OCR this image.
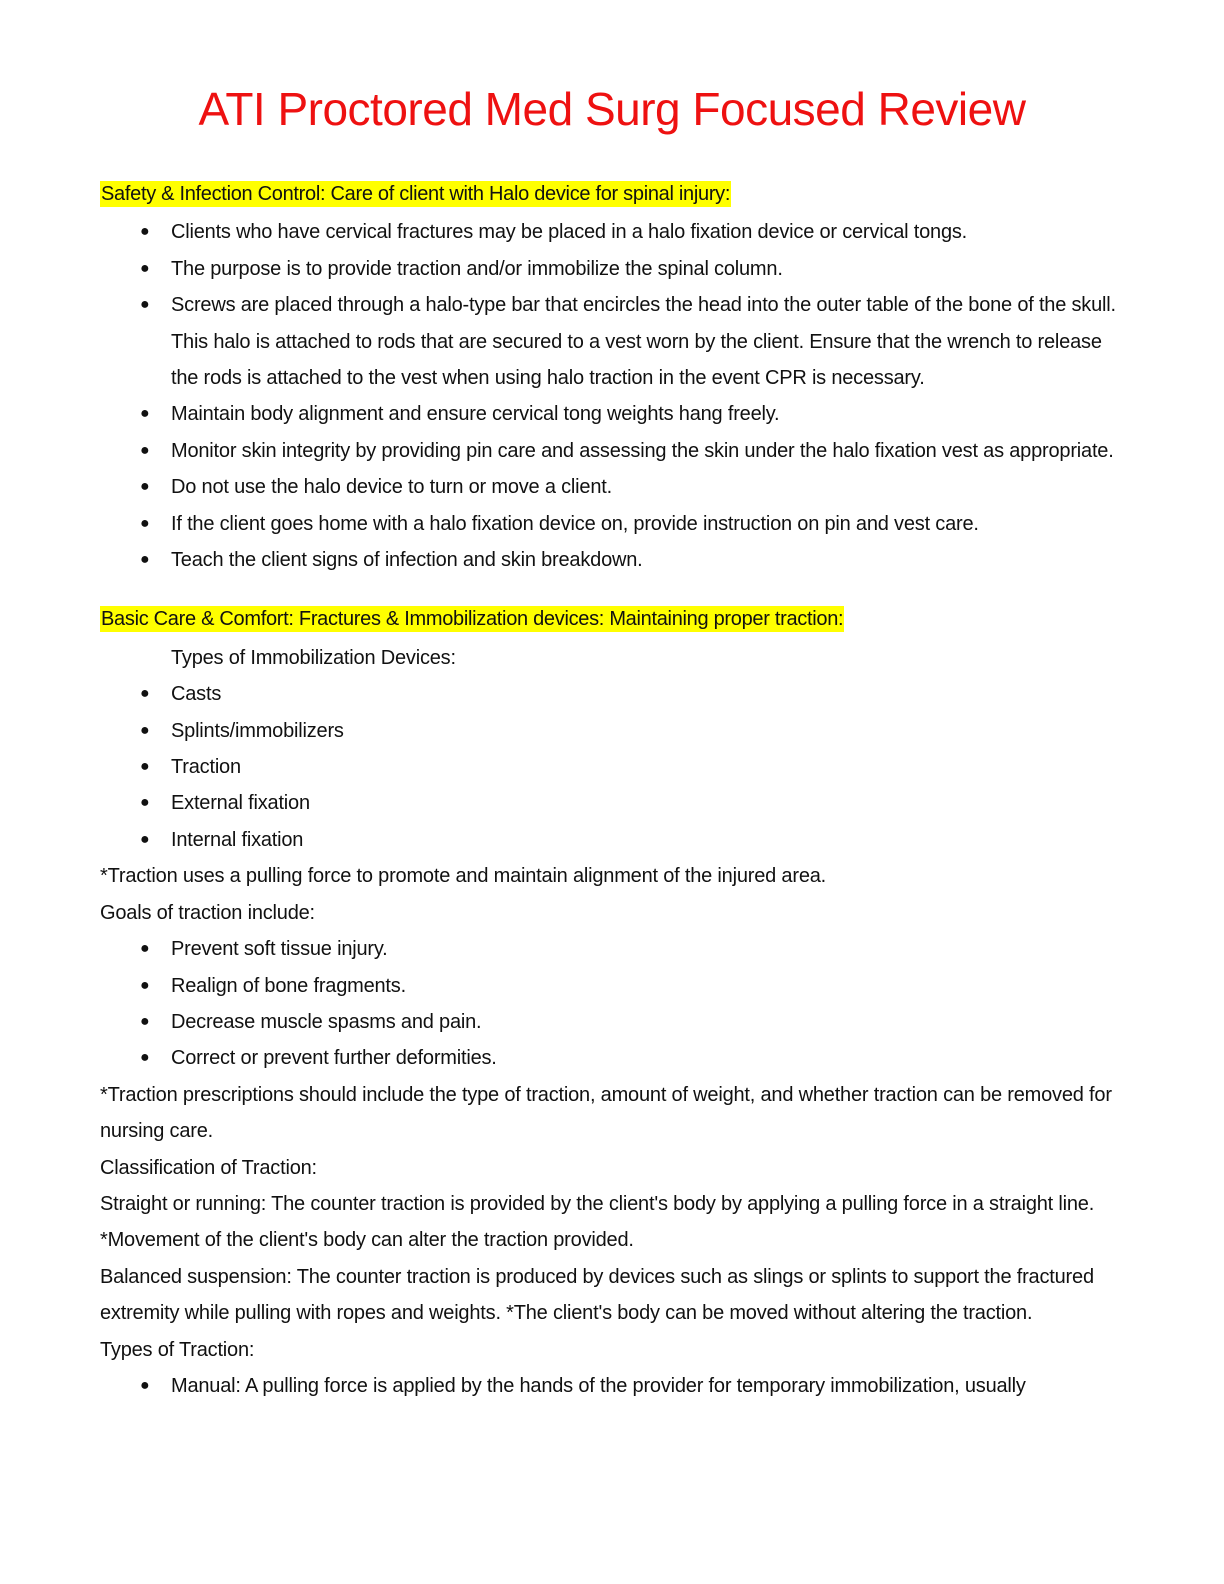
ATI Proctored Med Surg Focused Review
Safety & Infection Control: Care of client with Halo device for spinal injury:
● Clients who have cervical fractures may be placed in a halo fixation device or cervical tongs.
● The purpose is to provide traction and/or immobilize the spinal column.
● Screws are placed through a halo-type bar that encircles the head into the outer table of the bone of the skull. This halo is attached to rods that are secured to a vest worn by the client. Ensure that the wrench to release the rods is attached to the vest when using halo traction in the event CPR is necessary.
● Maintain body alignment and ensure cervical tong weights hang freely.
● Monitor skin integrity by providing pin care and assessing the skin under the halo fixation vest as appropriate.
● Do not use the halo device to turn or move a client.
● If the client goes home with a halo fixation device on, provide instruction on pin and vest care.
● Teach the client signs of infection and skin breakdown.
Basic Care & Comfort: Fractures & Immobilization devices: Maintaining proper traction:

Types of Immobilization Devices:

● Casts
● Splints/immobilizers
● Traction
● External fixation
● Internal fixation

*Traction uses a pulling force to promote and maintain alignment of the injured area.

Goals of traction include:

● Prevent soft tissue injury.
● Realign of bone fragments.
● Decrease muscle spasms and pain.
● Correct or prevent further deformities.

*Traction prescriptions should include the type of traction, amount of weight, and whether traction can be removed for nursing care.

Classification of Traction:

Straight or running: The counter traction is provided by the client's body by applying a pulling force in a straight line. *Movement of the client's body can alter the traction provided.

Balanced suspension: The counter traction is produced by devices such as slings or splints to support the fractured extremity while pulling with ropes and weights. *The client's body can be moved without altering the traction.

Types of Traction:

● Manual: A pulling force is applied by the hands of the provider for temporary immobilization, usually
